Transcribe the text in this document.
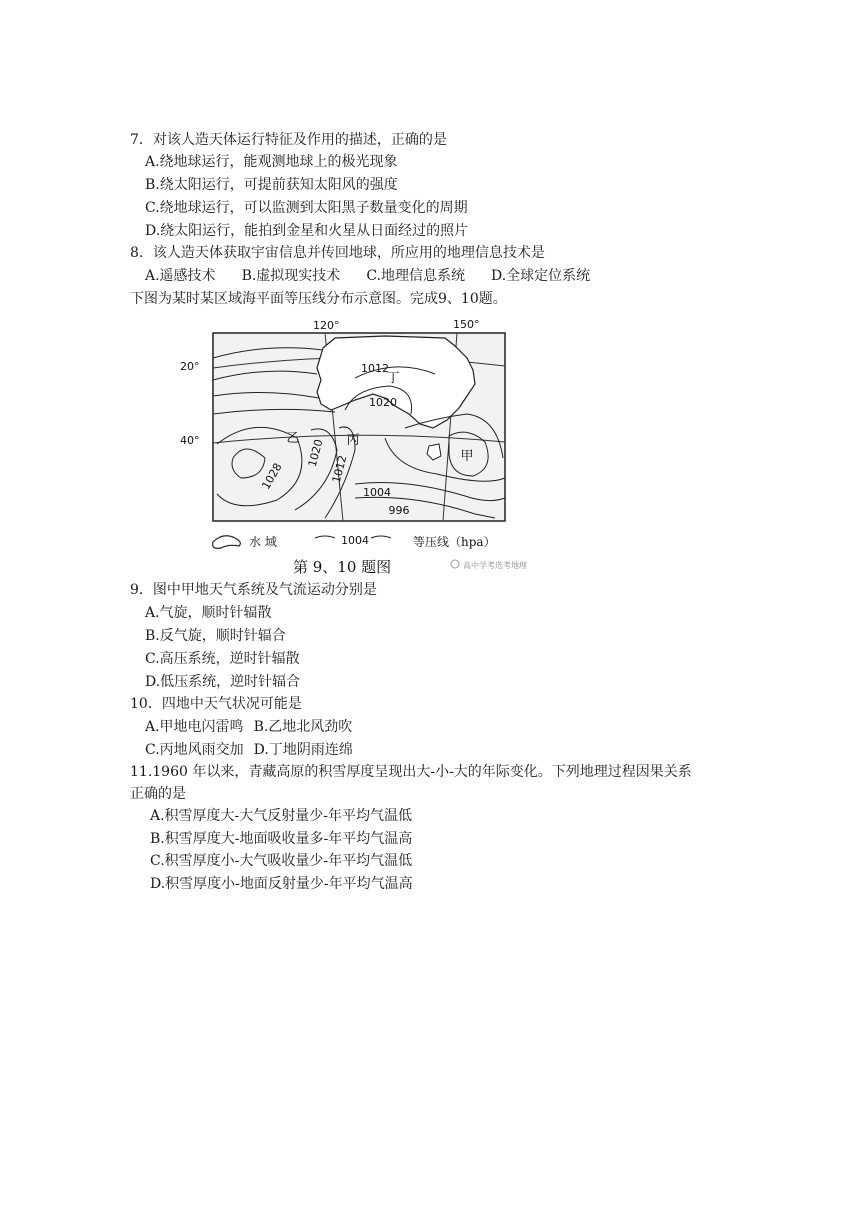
7．对该人造天体运行特征及作用的描述，正确的是
A.绕地球运行，能观测地球上的极光现象
B.绕太阳运行，可提前获知太阳风的强度
C.绕地球运行，可以监测到太阳黑子数量变化的周期
D.绕太阳运行，能拍到金星和火星从日面经过的照片
8．该人造天体获取宇宙信息并传回地球，所应用的地理信息技术是
A.遥感技术 B.虚拟现实技术 C.地理信息系统 D.全球定位系统
下图为某时某区域海平面等压线分布示意图。完成9、10题。
1012
1020
1028
1020
1012
1004
996
丁
乙	丙
甲
120°	150°
20°
40°
水 域	1004	等压线（hpa）
第 9、10 题图	高中学考选考地理
9．图中甲地天气系统及气流运动分别是
A.气旋，顺时针辐散
B.反气旋，顺时针辐合
C.高压系统，逆时针辐散
D.低压系统，逆时针辐合
10．四地中天气状况可能是
A.甲地电闪雷鸣 B.乙地北风劲吹
C.丙地风雨交加 D.丁地阴雨连绵
11.1960 年以来，青藏高原的积雪厚度呈现出大-小-大的年际变化。下列地理过程因果关系
正确的是
A.积雪厚度大-大气反射量少-年平均气温低
B.积雪厚度大-地面吸收量多-年平均气温高
C.积雪厚度小-大气吸收量少-年平均气温低
D.积雪厚度小-地面反射量少-年平均气温高
